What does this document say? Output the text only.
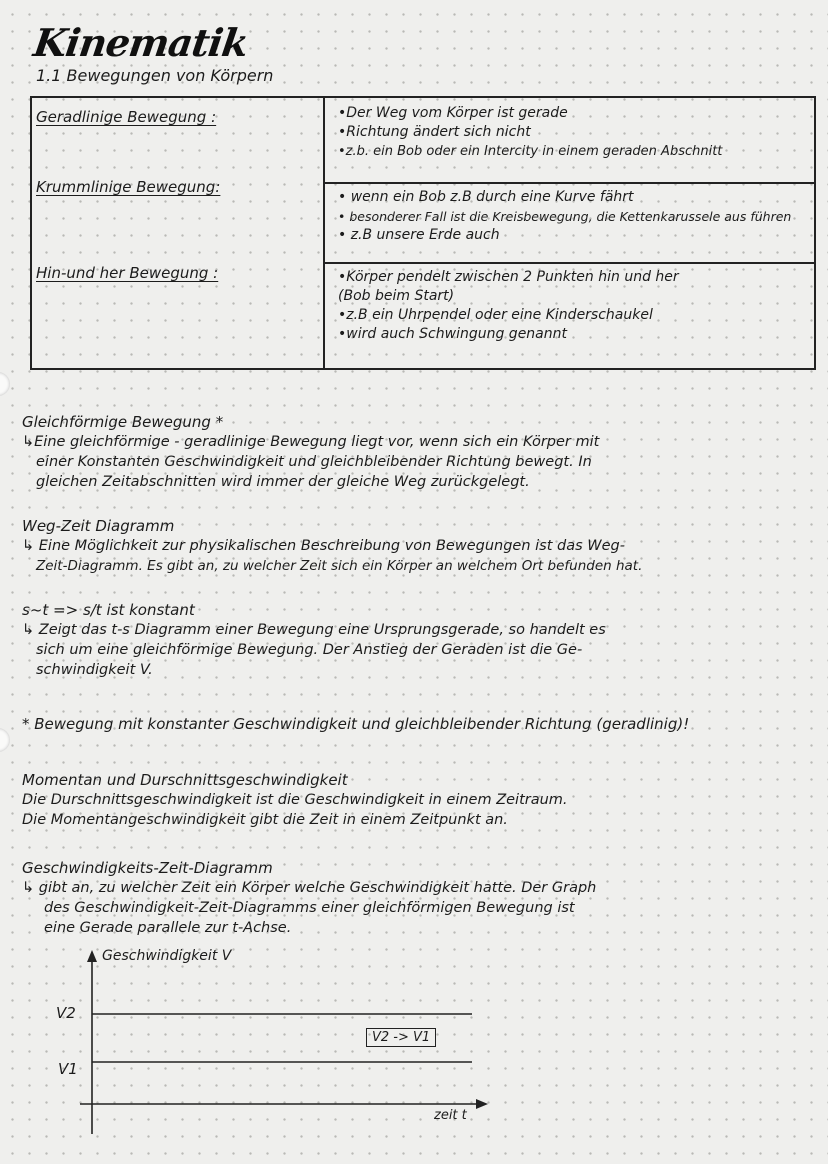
Kinematik
1.1 Bewegungen von Körpern
Geradlinige Bewegung :	•Der Weg vom Körper ist gerade
•Richtung ändert sich nicht
•z.b. ein Bob oder ein Intercity in einem geraden Abschnitt
Krummlinige Bewegung:
• wenn ein Bob z.B durch eine Kurve fährt
• besonderer Fall ist die Kreisbewegung, die Kettenkarussele aus führen
• z.B unsere Erde auch
Hin-und her Bewegung :	•Körper pendelt zwischen 2 Punkten hin und her
(Bob beim Start)
•z.B ein Uhrpendel oder eine Kinderschaukel
•wird auch Schwingung genannt
Gleichförmige Bewegung *
↳Eine gleichförmige - geradlinige Bewegung liegt vor, wenn sich ein Körper mit
einer Konstanten Geschwindigkeit und gleichbleibender Richtung bewegt. In
gleichen Zeitabschnitten wird immer der gleiche Weg zurückgelegt.
Weg-Zeit Diagramm
↳ Eine Möglichkeit zur physikalischen Beschreibung von Bewegungen ist das Weg-
Zeit-Diagramm. Es gibt an, zu welcher Zeit sich ein Körper an welchem Ort befunden hat.
s~t => s/t ist konstant
↳ Zeigt das t-s Diagramm einer Bewegung eine Ursprungsgerade, so handelt es
sich um eine gleichförmige Bewegung. Der Anstieg der Geraden ist die Ge-
schwindigkeit V.
* Bewegung mit konstanter Geschwindigkeit und gleichbleibender Richtung (geradlinig)!
Momentan und Durschnittsgeschwindigkeit
Die Durschnittsgeschwindigkeit ist die Geschwindigkeit in einem Zeitraum.
Die Momentangeschwindigkeit gibt die Zeit in einem Zeitpunkt an.
Geschwindigkeits-Zeit-Diagramm
↳ gibt an, zu welcher Zeit ein Körper welche Geschwindigkeit hatte. Der Graph
des Geschwindigkeit-Zeit-Diagramms einer gleichförmigen Bewegung ist
eine Gerade parallele zur t-Achse.
Geschwindigkeit V
V2
V1
V2 -> V1
zeit t
